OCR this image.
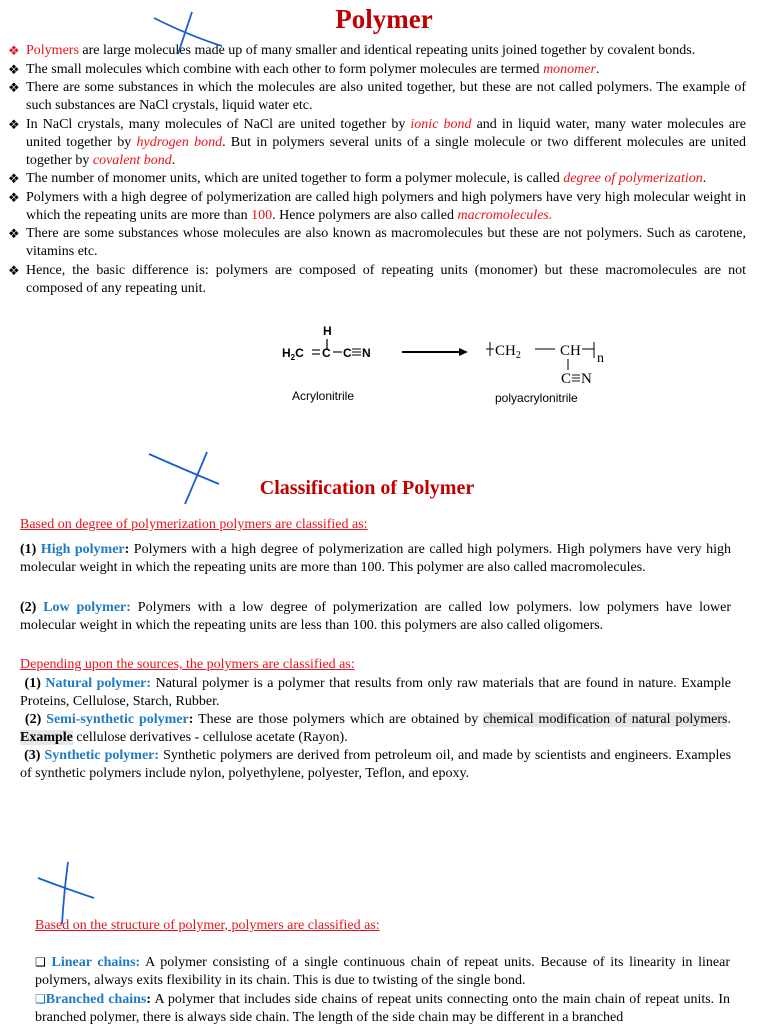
Polymer
❖ Polymers are large molecules made up of many smaller and identical repeating units joined together by covalent bonds.
❖ The small molecules which combine with each other to form polymer molecules are termed monomer.
❖ There are some substances in which the molecules are also united together, but these are not called polymers. The example of such substances are NaCl crystals, liquid water etc.
❖ In NaCl crystals, many molecules of NaCl are united together by ionic bond and in liquid water, many water molecules are united together by hydrogen bond. But in polymers several units of a single molecule or two different molecules are united together by covalent bond.
❖ The number of monomer units, which are united together to form a polymer molecule, is called degree of polymerization.
❖ Polymers with a high degree of polymerization are called high polymers and high polymers have very high molecular weight in which the repeating units are more than 100. Hence polymers are also called macromolecules.
❖ There are some substances whose molecules are also known as macromolecules but these are not polymers. Such as carotene, vitamins etc.
❖ Hence, the basic difference is: polymers are composed of repeating units (monomer) but these macromolecules are not composed of any repeating unit.
H
$H_2C$ C C N
Acrylonitrile
$CH_2$	CH n
C N
polyacrylonitrile
Classification of Polymer
Based on degree of polymerization polymers are classified as:
(1) High polymer: Polymers with a high degree of polymerization are called high polymers. High polymers have very high molecular weight in which the repeating units are more than 100. This polymer are also called macromolecules.
(2) Low polymer: Polymers with a low degree of polymerization are called low polymers. low polymers have lower molecular weight in which the repeating units are less than 100. this polymers are also called oligomers.
Depending upon the sources, the polymers are classified as:
(1) Natural polymer: Natural polymer is a polymer that results from only raw materials that are found in nature. Example Proteins, Cellulose, Starch, Rubber.
(2) Semi-synthetic polymer: These are those polymers which are obtained by chemical modification of natural polymers. Example cellulose derivatives - cellulose acetate (Rayon).
(3) Synthetic polymer: Synthetic polymers are derived from petroleum oil, and made by scientists and engineers. Examples of synthetic polymers include nylon, polyethylene, polyester, Teflon, and epoxy.
Based on the structure of polymer, polymers are classified as:
❑ Linear chains: A polymer consisting of a single continuous chain of repeat units. Because of its linearity in linear polymers, always exits flexibility in its chain. This is due to twisting of the single bond.
❑Branched chains: A polymer that includes side chains of repeat units connecting onto the main chain of repeat units. In branched polymer, there is always side chain. The length of the side chain may be different in a branched
